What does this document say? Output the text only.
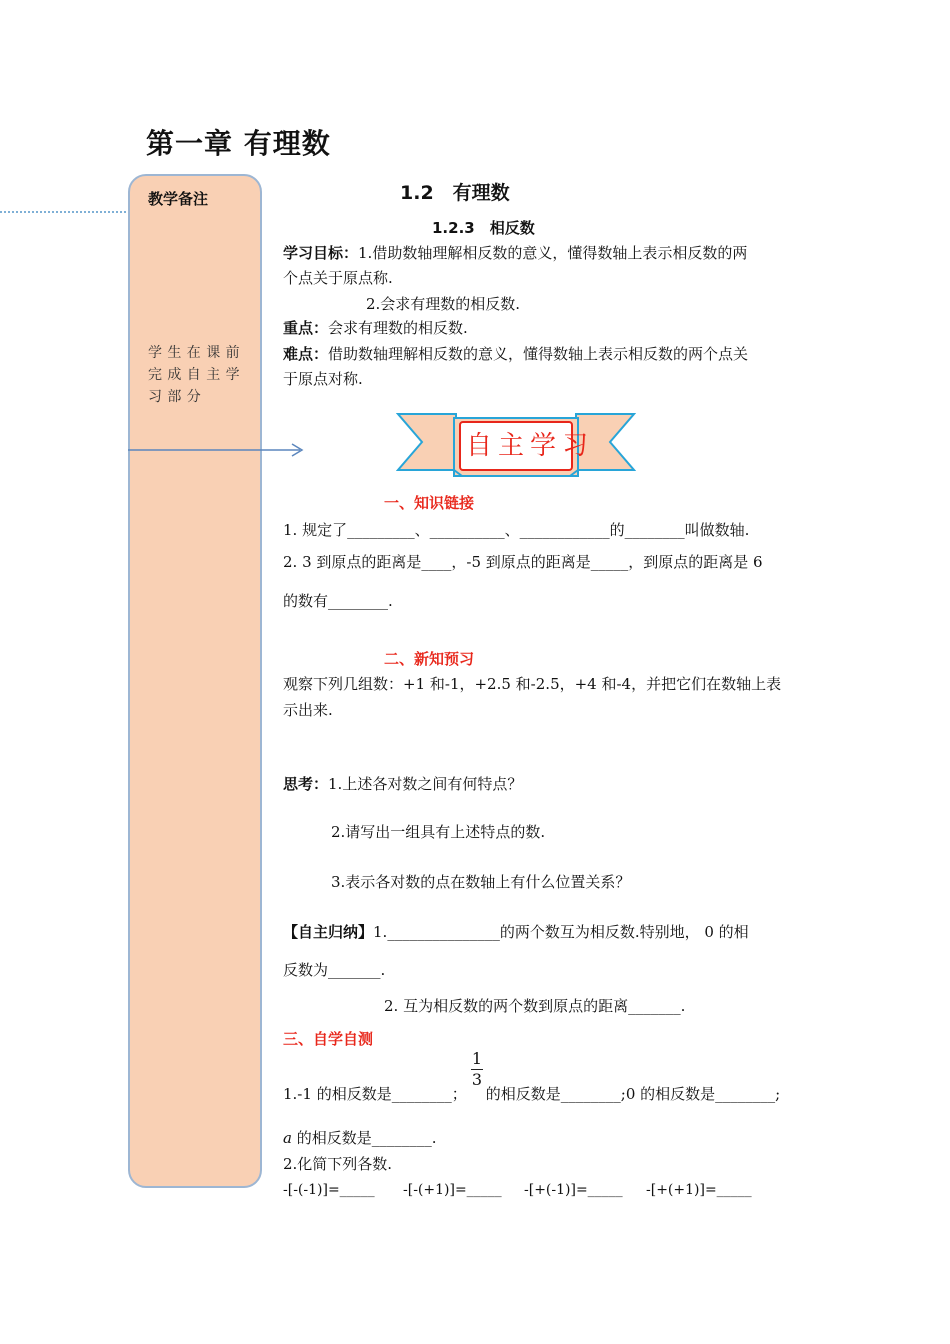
第一章 有理数
教学备注
学生在课前完成自主学习部分
1.2　有理数
1.2.3　相反数
学习目标：1.借助数轴理解相反数的意义，懂得数轴上表示相反数的两
个点关于原点称.
2.会求有理数的相反数.
重点：会求有理数的相反数.
难点：借助数轴理解相反数的意义，懂得数轴上表示相反数的两个点关
于原点对称.
自主学习
一、知识链接
1. 规定了_________、__________、____________的________叫做数轴.
2. 3 到原点的距离是____，-5 到原点的距离是_____，到原点的距离是 6
的数有________.
二、新知预习
观察下列几组数：+1 和-1，+2.5 和-2.5，+4 和-4，并把它们在数轴上表
示出来.
思考：1.上述各对数之间有何特点？
2.请写出一组具有上述特点的数.
3.表示各对数的点在数轴上有什么位置关系？
【自主归纳】1._______________的两个数互为相反数.特别地， 0 的相
反数为_______.
2. 互为相反数的两个数到原点的距离_______.
三、自学自测
1
3
1.-1 的相反数是________；    的相反数是________;0 的相反数是________;
a 的相反数是________.
2.化简下列各数.
-[-(-1)]=_____ -[-(+1)]=_____ -[+(-1)]=_____ -[+(+1)]=_____
